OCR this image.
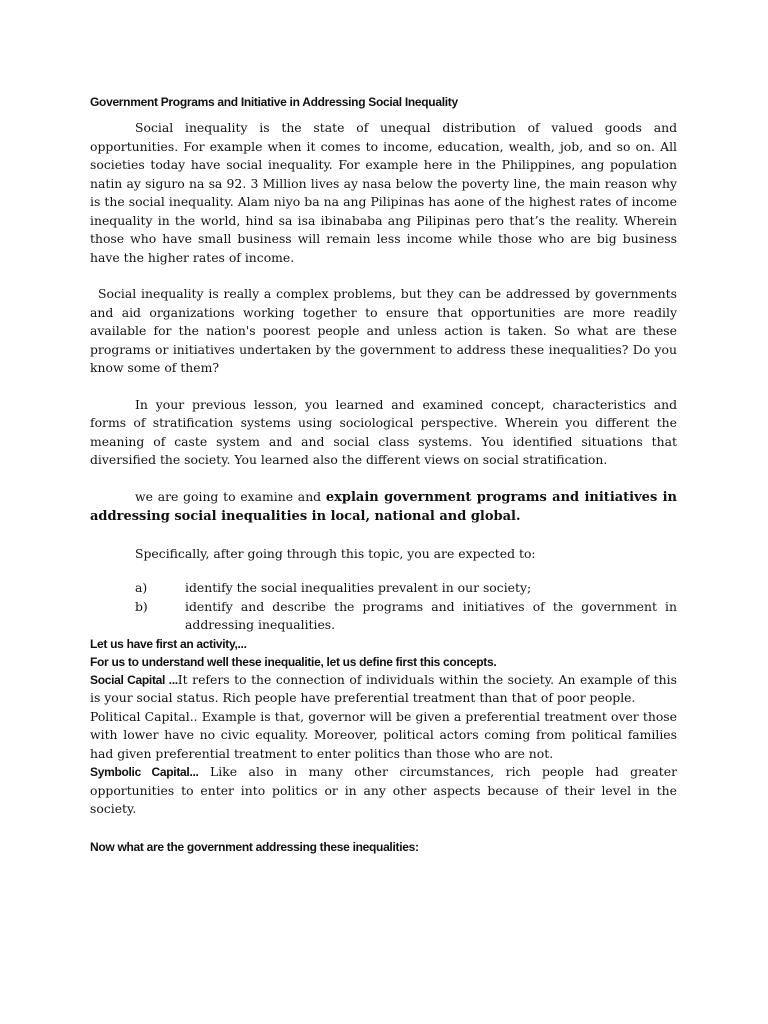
Government Programs and Initiative in Addressing Social Inequality

Social inequality is the state of unequal distribution of valued goods and opportunities. For example when it comes to income, education, wealth, job, and so on. All societies today have social inequality. For example here in the Philippines, ang population natin ay siguro na sa 92. 3 Million lives ay nasa below the poverty line, the main reason why is the social inequality. Alam niyo ba na ang Pilipinas has aone of the highest rates of income inequality in the world, hind sa isa ibinababa ang Pilipinas pero that’s the reality. Wherein those who have small business will remain less income while those who are big business have the higher rates of income.

Social inequality is really a complex problems, but they can be addressed by governments and aid organizations working together to ensure that opportunities are more readily available for the nation's poorest people and unless action is taken. So what are these programs or initiatives undertaken by the government to address these inequalities? Do you know some of them?

In your previous lesson, you learned and examined concept, characteristics and forms of stratification systems using sociological perspective. Wherein you different the meaning of caste system and and social class systems. You identified situations that diversified the society. You learned also the different views on social stratification.

we are going to examine and explain government programs and initiatives in addressing social inequalities in local, national and global.

Specifically, after going through this topic, you are expected to:

a)	identify the social inequalities prevalent in our society;
b)	identify and describe the programs and initiatives of the government in addressing inequalities.

Let us have first an activity,...

For us to understand well these inequalitie, let us define first this concepts.

Social Capital ...It refers to the connection of individuals within the society. An example of this is your social status. Rich people have preferential treatment than that of poor people.

Political Capital.. Example is that, governor will be given a preferential treatment over those with lower have no civic equality. Moreover, political actors coming from political families had given preferential treatment to enter politics than those who are not.

Symbolic Capital... Like also in many other circumstances, rich people had greater opportunities to enter into politics or in any other aspects because of their level in the society.

Now what are the government addressing these inequalities:
